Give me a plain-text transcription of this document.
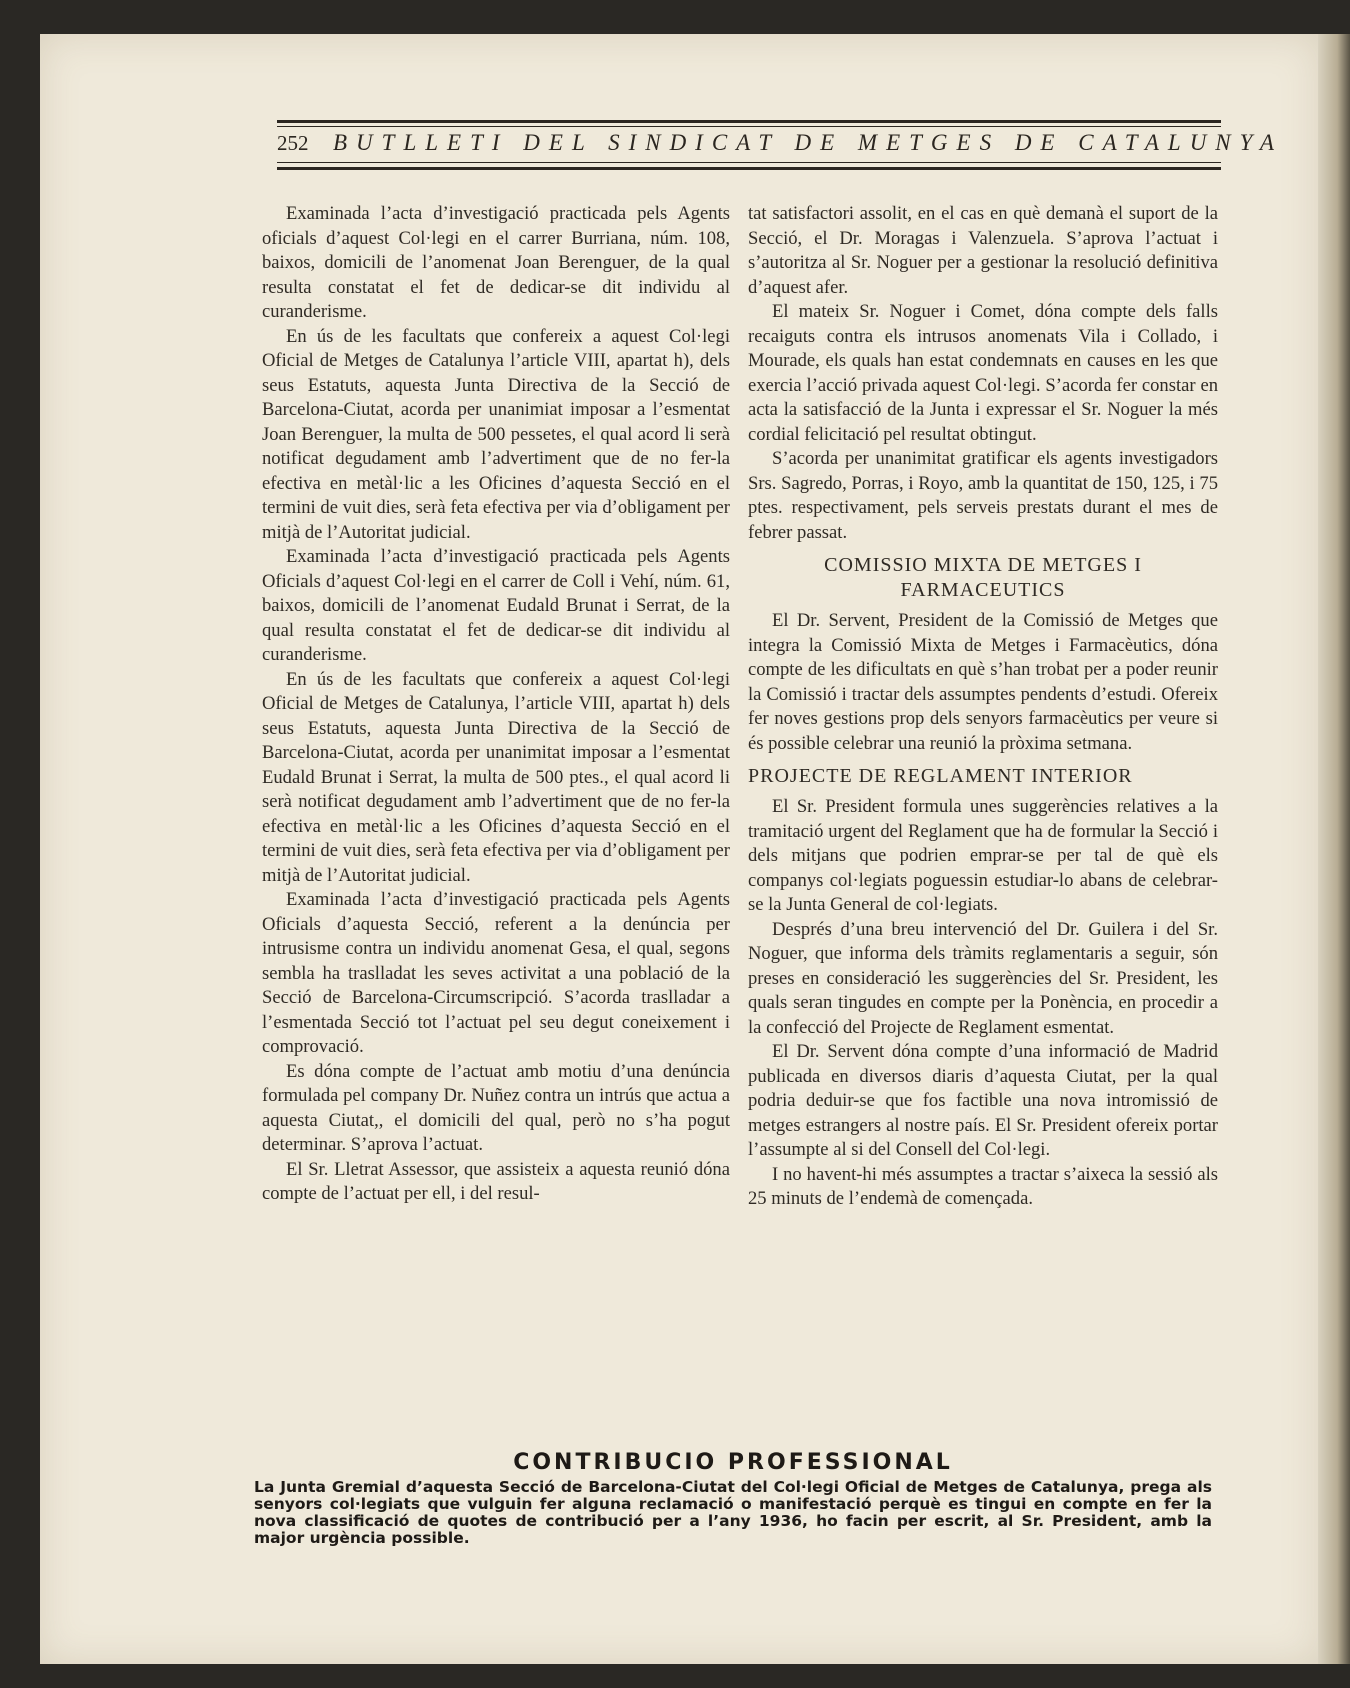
252 BUTLLETI DEL SINDICAT DE METGES DE CATALUNYA

Examinada l’acta d’investigació practicada pels Agents oficials d’aquest Col·legi en el carrer Burriana, núm. 108, baixos, domicili de l’anomenat Joan Berenguer, de la qual resulta constatat el fet de dedicar-se dit individu al curanderisme.

En ús de les facultats que confereix a aquest Col·legi Oficial de Metges de Catalunya l’article VIII, apartat h), dels seus Estatuts, aquesta Junta Directiva de la Secció de Barcelona-Ciutat, acorda per unanimiat imposar a l’esmentat Joan Berenguer, la multa de 500 pessetes, el qual acord li serà notificat degudament amb l’advertiment que de no fer-la efectiva en metàl·lic a les Oficines d’aquesta Secció en el termini de vuit dies, serà feta efectiva per via d’obligament per mitjà de l’Autoritat judicial.

Examinada l’acta d’investigació practicada pels Agents Oficials d’aquest Col·legi en el carrer de Coll i Vehí, núm. 61, baixos, domicili de l’anomenat Eudald Brunat i Serrat, de la qual resulta constatat el fet de dedicar-se dit individu al curanderisme.

En ús de les facultats que confereix a aquest Col·legi Oficial de Metges de Catalunya, l’article VIII, apartat h) dels seus Estatuts, aquesta Junta Directiva de la Secció de Barcelona-Ciutat, acorda per unanimitat imposar a l’esmentat Eudald Brunat i Serrat, la multa de 500 ptes., el qual acord li serà notificat degudament amb l’advertiment que de no fer-la efectiva en metàl·lic a les Oficines d’aquesta Secció en el termini de vuit dies, serà feta efectiva per via d’obligament per mitjà de l’Autoritat judicial.

Examinada l’acta d’investigació practicada pels Agents Oficials d’aquesta Secció, referent a la denúncia per intrusisme contra un individu anomenat Gesa, el qual, segons sembla ha traslladat les seves activitat a una població de la Secció de Barcelona-Circumscripció. S’acorda traslladar a l’esmentada Secció tot l’actuat pel seu degut coneixement i comprovació.

Es dóna compte de l’actuat amb motiu d’una denúncia formulada pel company Dr. Nuñez contra un intrús que actua a aquesta Ciutat,, el domicili del qual, però no s’ha pogut determinar. S’aprova l’actuat.

El Sr. Lletrat Assessor, que assisteix a aquesta reunió dóna compte de l’actuat per ell, i del resul-

tat satisfactori assolit, en el cas en què demanà el suport de la Secció, el Dr. Moragas i Valenzuela. S’aprova l’actuat i s’autoritza al Sr. Noguer per a gestionar la resolució definitiva d’aquest afer.

El mateix Sr. Noguer i Comet, dóna compte dels falls recaiguts contra els intrusos anomenats Vila i Collado, i Mourade, els quals han estat condemnats en causes en les que exercia l’acció privada aquest Col·legi. S’acorda fer constar en acta la satisfacció de la Junta i expressar el Sr. Noguer la més cordial felicitació pel resultat obtingut.

S’acorda per unanimitat gratificar els agents investigadors Srs. Sagredo, Porras, i Royo, amb la quantitat de 150, 125, i 75 ptes. respectivament, pels serveis prestats durant el mes de febrer passat.

COMISSIO MIXTA DE METGES I FARMACEUTICS

El Dr. Servent, President de la Comissió de Metges que integra la Comissió Mixta de Metges i Farmacèutics, dóna compte de les dificultats en què s’han trobat per a poder reunir la Comissió i tractar dels assumptes pendents d’estudi. Ofereix fer noves gestions prop dels senyors farmacèutics per veure si és possible celebrar una reunió la pròxima setmana.

PROJECTE DE REGLAMENT INTERIOR

El Sr. President formula unes suggerències relatives a la tramitació urgent del Reglament que ha de formular la Secció i dels mitjans que podrien emprar-se per tal de què els companys col·legiats poguessin estudiar-lo abans de celebrar-se la Junta General de col·legiats.

Després d’una breu intervenció del Dr. Guilera i del Sr. Noguer, que informa dels tràmits reglamentaris a seguir, són preses en consideració les suggerències del Sr. President, les quals seran tingudes en compte per la Ponència, en procedir a la confecció del Projecte de Reglament esmentat.

El Dr. Servent dóna compte d’una informació de Madrid publicada en diversos diaris d’aquesta Ciutat, per la qual podria deduir-se que fos factible una nova intromissió de metges estrangers al nostre país. El Sr. President ofereix portar l’assumpte al si del Consell del Col·legi.

I no havent-hi més assumptes a tractar s’aixeca la sessió als 25 minuts de l’endemà de començada.

CONTRIBUCIO PROFESSIONAL
La Junta Gremial d’aquesta Secció de Barcelona-Ciutat del Col·legi Oficial de Metges de Catalunya, prega als senyors col·legiats que vulguin fer alguna reclamació o manifestació perquè es tingui en compte en fer la nova classificació de quotes de contribució per a l’any 1936, ho facin per escrit, al Sr. President, amb la major urgència possible.
